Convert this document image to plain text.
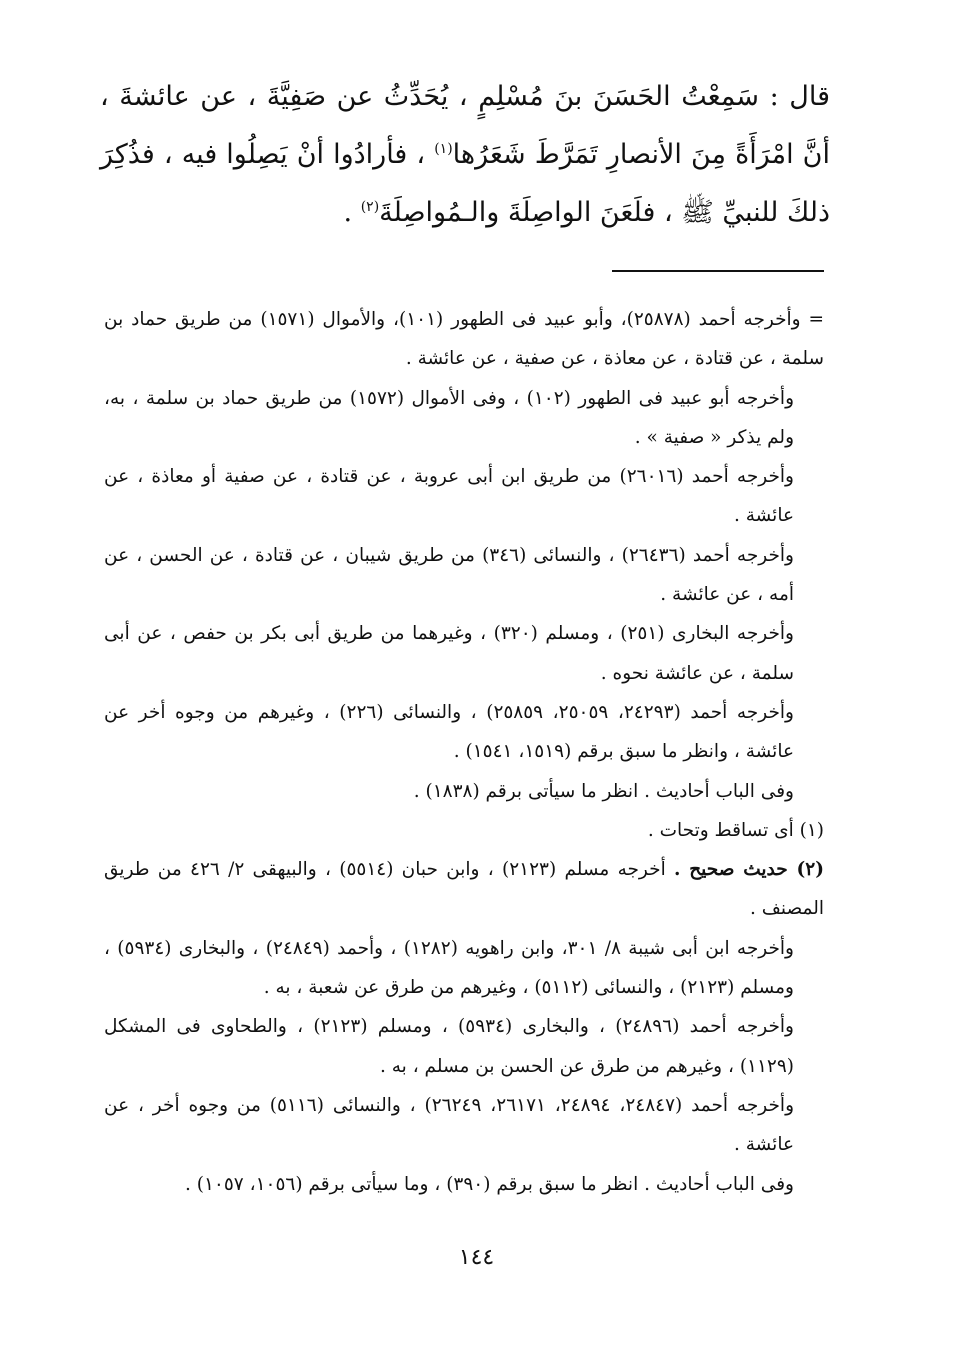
قال : سَمِعْتُ الحَسَنَ بنَ مُسْلِمٍ ، يُحَدِّثُ عن صَفِيَّةَ ، عن عائشةَ ، أنَّ امْرَأَةً مِنَ الأنصارِ تَمَرَّطَ شَعَرُها$^{(١)}$ ، فأرادُوا أنْ يَصِلُوا فيه ، فذُكِرَ ذلكَ للنبيِّ ﷺ ، فلَعَنَ الواصِلَةَ والـمُواصِلَةَ$^{(٢)}$ .

= وأخرجه أحمد (٢٥٨٧٨)، وأبو عبيد فى الطهور (١٠١)، والأموال (١٥٧١) من طريق حماد بن سلمة ، عن قتادة ، عن معاذة ، عن صفية ، عن عائشة .

وأخرجه أبو عبيد فى الطهور (١٠٢) ، وفى الأموال (١٥٧٢) من طريق حماد بن سلمة ، به، ولم يذكر « صفية » .

وأخرجه أحمد (٢٦٠١٦) من طريق ابن أبى عروبة ، عن قتادة ، عن صفية أو معاذة ، عن عائشة .

وأخرجه أحمد (٢٦٤٣٦) ، والنسائى (٣٤٦) من طريق شيبان ، عن قتادة ، عن الحسن ، عن أمه ، عن عائشة .

وأخرجه البخارى (٢٥١) ، ومسلم (٣٢٠) ، وغيرهما من طريق أبى بكر بن حفص ، عن أبى سلمة ، عن عائشة نحوه .

وأخرجه أحمد (٢٤٢٩٣، ٢٥٠٥٩، ٢٥٨٥٩) ، والنسائى (٢٢٦) ، وغيرهم من وجوه أخر عن عائشة ، وانظر ما سبق برقم (١٥١٩، ١٥٤١) .

وفى الباب أحاديث . انظر ما سيأتى برقم (١٨٣٨) .

(١) أى تساقط وتحات .

(٢) حديث صحيح . أخرجه مسلم (٢١٢٣) ، وابن حبان (٥٥١٤) ، والبيهقى ٢/ ٤٢٦ من طريق المصنف .

وأخرجه ابن أبى شيبة ٨/ ٣٠١، وابن راهويه (١٢٨٢) ، وأحمد (٢٤٨٤٩) ، والبخارى (٥٩٣٤) ، ومسلم (٢١٢٣) ، والنسائى (٥١١٢) ، وغيرهم من طرق عن شعبة ، به .

وأخرجه أحمد (٢٤٨٩٦) ، والبخارى (٥٩٣٤) ، ومسلم (٢١٢٣) ، والطحاوى فى المشكل (١١٢٩) ، وغيرهم من طرق عن الحسن بن مسلم ، به .

وأخرجه أحمد (٢٤٨٤٧، ٢٤٨٩٤، ٢٦١٧١، ٢٦٢٤٩) ، والنسائى (٥١١٦) من وجوه أخر ، عن عائشة .

وفى الباب أحاديث . انظر ما سبق برقم (٣٩٠) ، وما سيأتى برقم (١٠٥٦، ١٠٥٧) .

١٤٤
